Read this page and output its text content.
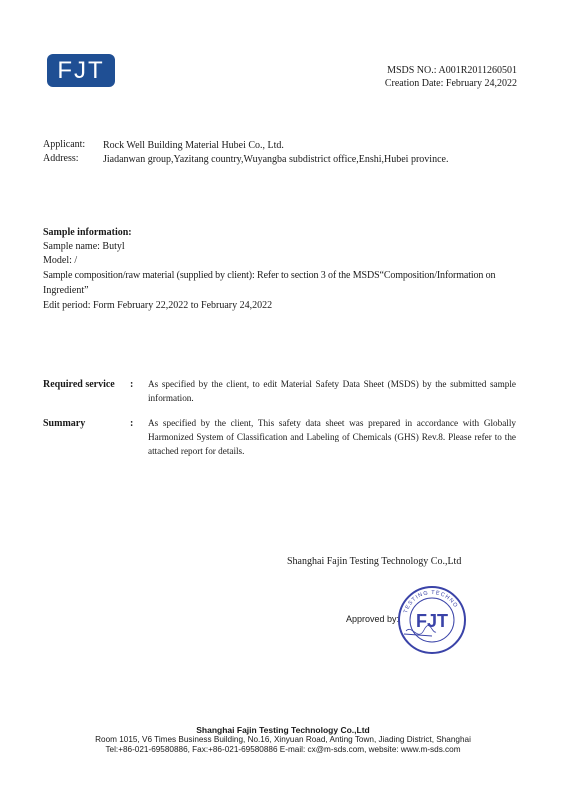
FJT	MSDS NO.: A001R2011260501
Creation Date: February 24,2022
Applicant: Rock Well Building Material Hubei Co., Ltd.
Address: Jiadanwan group,Yazitang country,Wuyangba subdistrict office,Enshi,Hubei province.
Sample information:
Sample name: Butyl
Model: /
Sample composition/raw material (supplied by client): Refer to section 3 of the MSDS“Composition/Information on
Ingredient”
Edit period: Form February 22,2022 to February 24,2022
Required service : As specified by the client, to edit Material Safety Data Sheet (MSDS) by the submitted sample information.
Summary	: As specified by the client, This safety data sheet was prepared in accordance with Globally Harmonized System of Classification and Labeling of Chemicals (GHS) Rev.8. Please refer to the attached report for details.
Shanghai Fajin Testing Technology Co.,Ltd
Approved by:
TESTING TECHNO
FJT
Shanghai Fajin Testing Technology Co.,Ltd
Room 1015, V6 Times Business Building, No.16, Xinyuan Road, Anting Town, Jiading District, Shanghai
Tel:+86-021-69580886, Fax:+86-021-69580886 E-mail: cx@m-sds.com, website: www.m-sds.com
